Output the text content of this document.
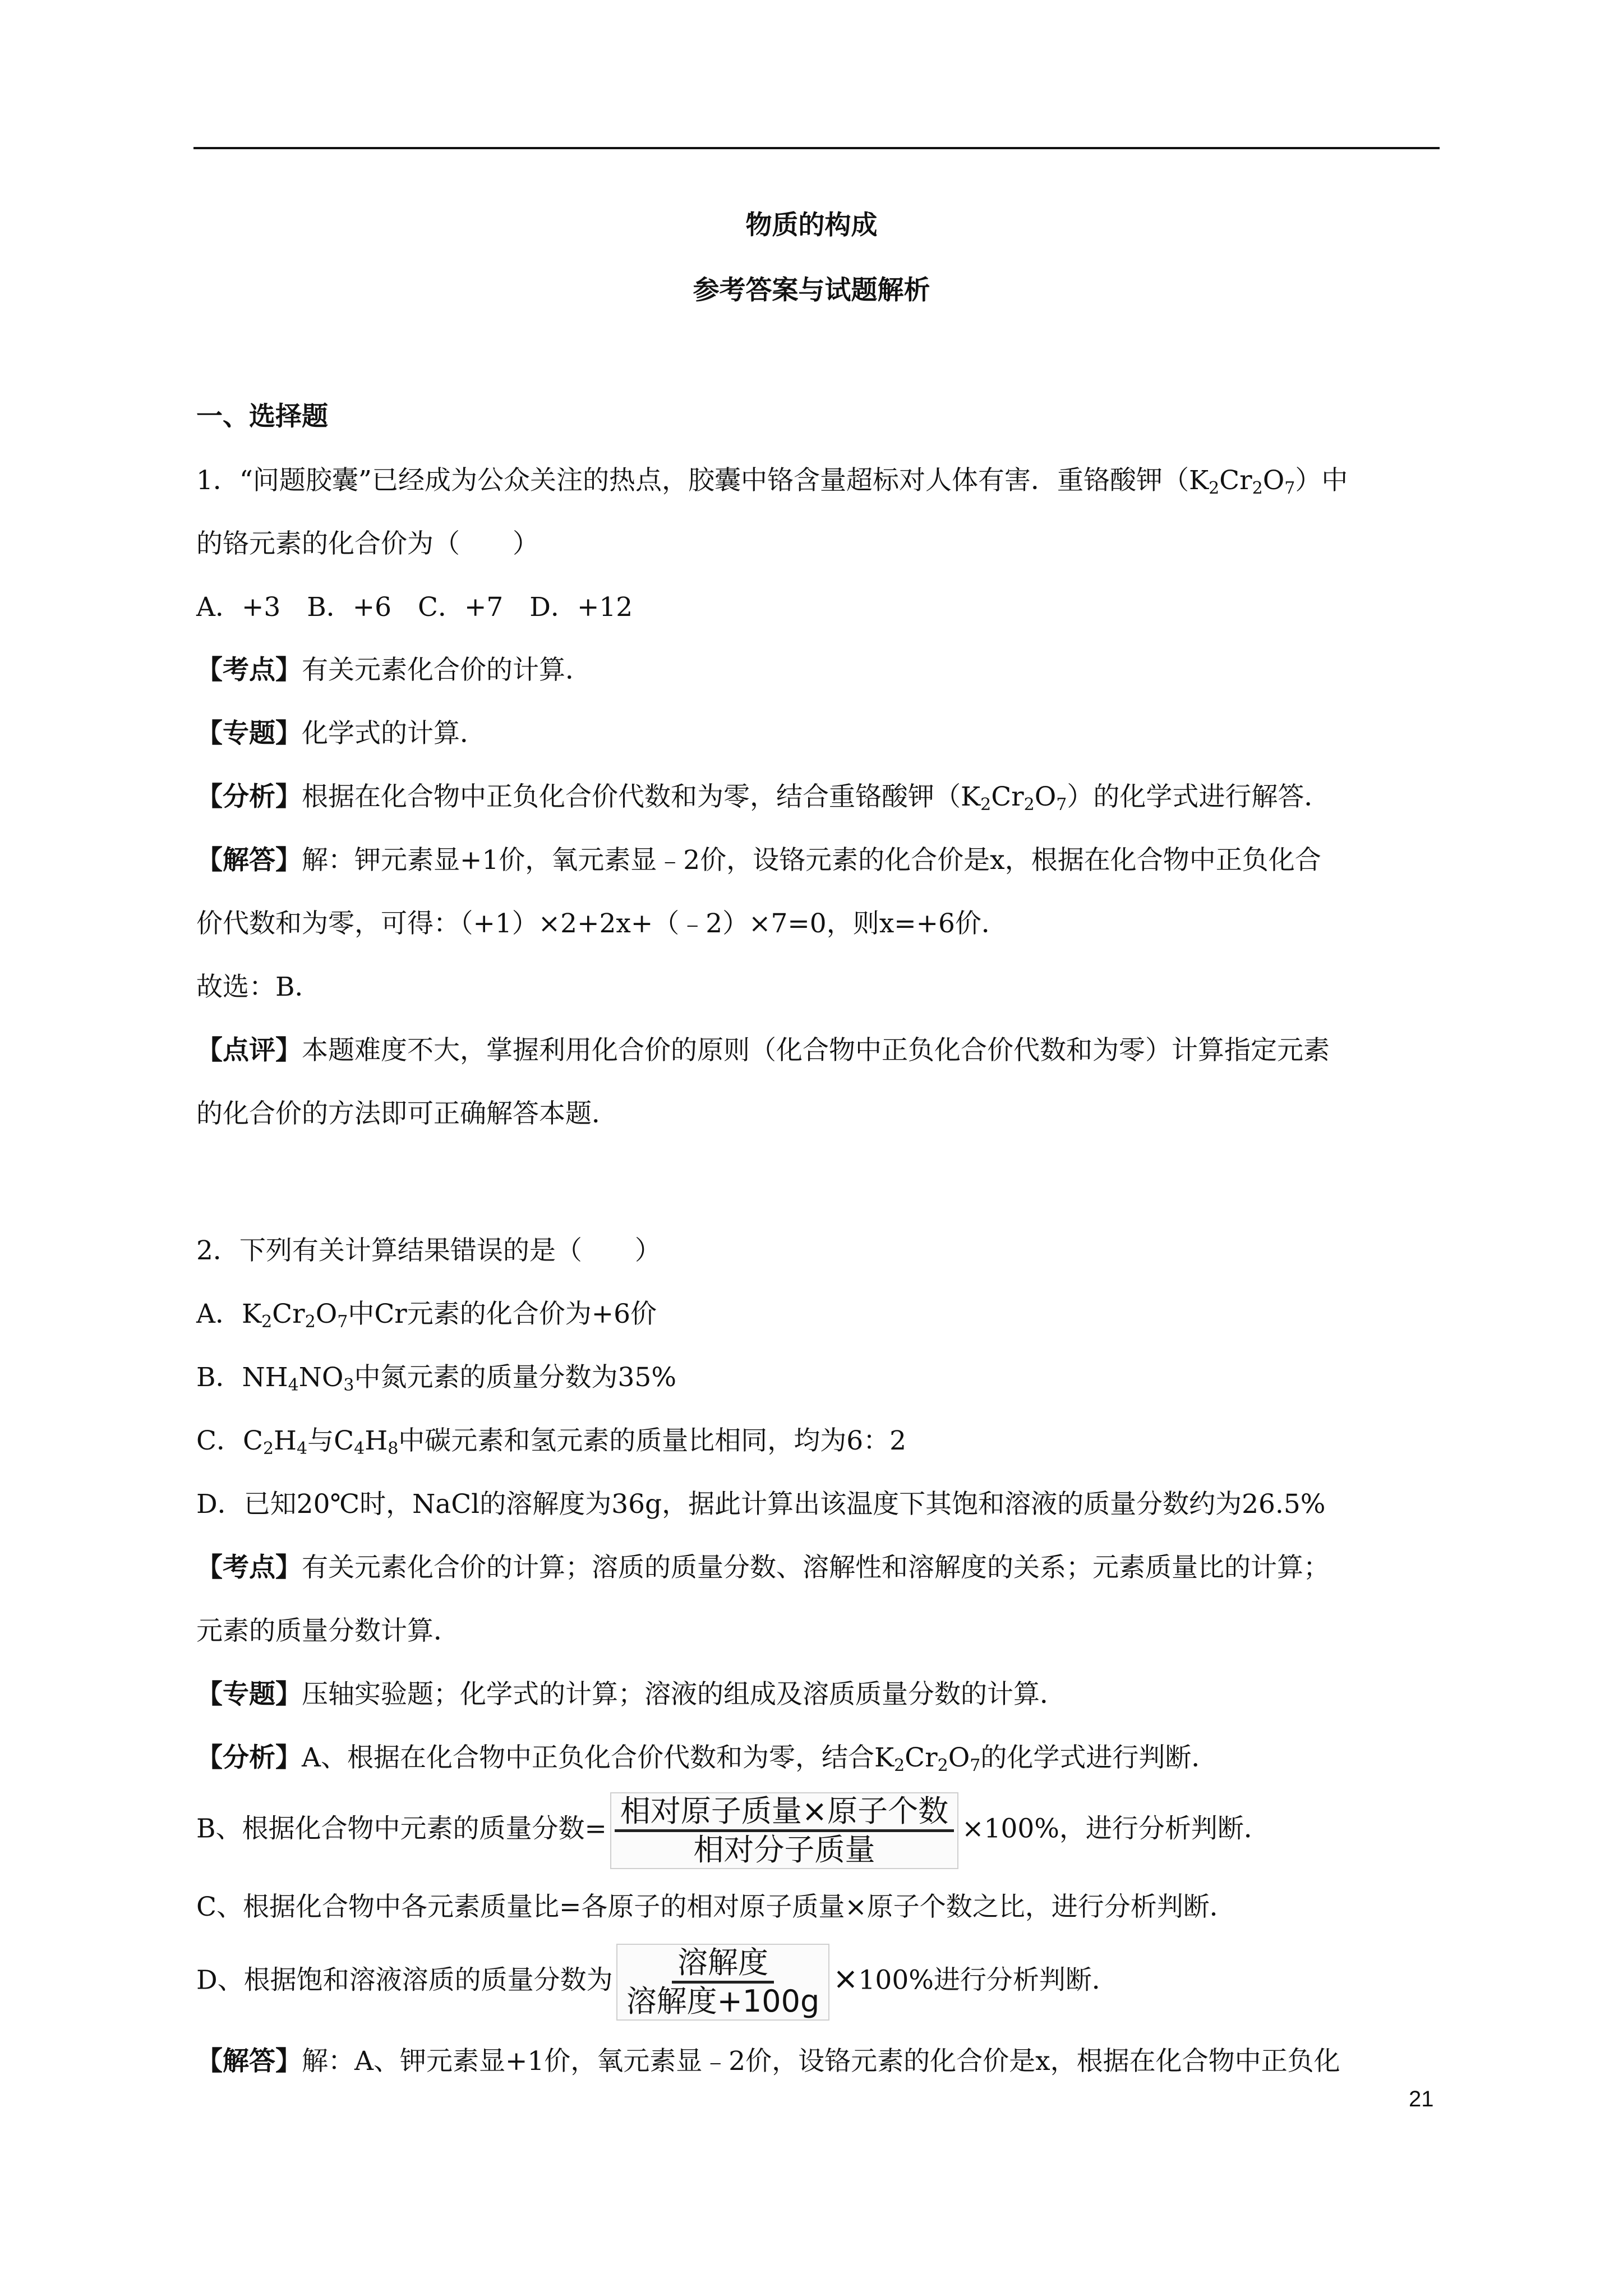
物质的构成
参考答案与试题解析
一、选择题
1．“问题胶囊”已经成为公众关注的热点，胶囊中铬含量超标对人体有害．重铬酸钾$(K_2Cr_2O_7)$中
的铬元素的化合价为（　　）
A．+3　B．+6　C．+7　D．+12
【考点】有关元素化合价的计算．
【专题】化学式的计算．
【分析】根据在化合物中正负化合价代数和为零，结合重铬酸钾$(K_2Cr_2O_7)$的化学式进行解答．
【解答】解：钾元素显+1价，氧元素显﹣2价，设铬元素的化合价是x，根据在化合物中正负化合
价代数和为零，可得：（+1）×2+2x+（﹣2）×7=0，则x=+6价．
故选：B．
【点评】本题难度不大，掌握利用化合价的原则（化合物中正负化合价代数和为零）计算指定元素
的化合价的方法即可正确解答本题．
2．下列有关计算结果错误的是（　　）
A．$K_2Cr_2O_7$中Cr元素的化合价为+6价
B．$NH_4NO_3$中氮元素的质量分数为35%
C．$C_2H_4$与$C_4H_8$中碳元素和氢元素的质量比相同，均为6：2
D．已知20℃时，NaCl的溶解度为36g，据此计算出该温度下其饱和溶液的质量分数约为26.5%
【考点】有关元素化合价的计算；溶质的质量分数、溶解性和溶解度的关系；元素质量比的计算；
元素的质量分数计算．
【专题】压轴实验题；化学式的计算；溶液的组成及溶质质量分数的计算．
【分析】A、根据在化合物中正负化合价代数和为零，结合$K_2Cr_2O_7$的化学式进行判断．
B、根据化合物中元素的质量分数= $\frac{\text{相对原子质量×原子个数}}{\text{相对分子质量}} \times 100\%$，进行分析判断．
C、根据化合物中各元素质量比=各原子的相对原子质量×原子个数之比，进行分析判断．
D、根据饱和溶液溶质的质量分数为 $\frac{\text{溶解度}}{\text{溶解度+100g}} \times 100\%$进行分析判断．
【解答】解：A、钾元素显+1价，氧元素显﹣2价，设铬元素的化合价是x，根据在化合物中正负化
21
